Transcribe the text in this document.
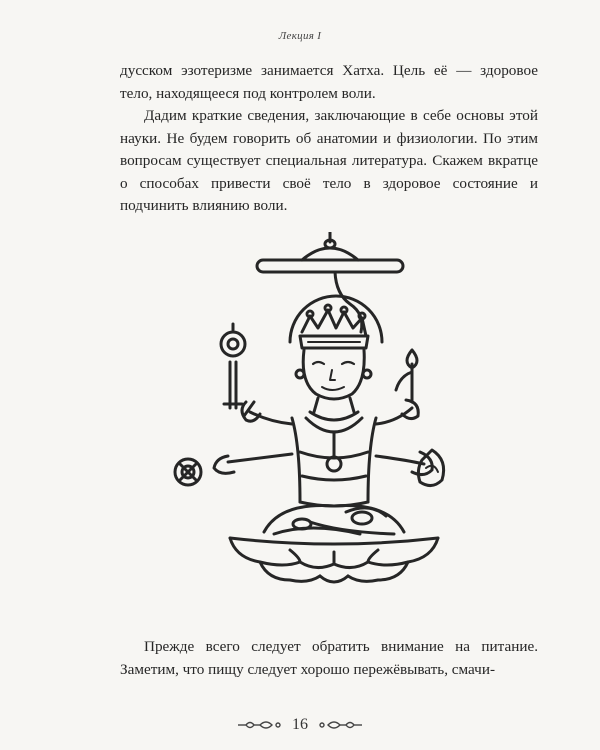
Лекция I

дусском эзотеризме занимается Хатха. Цель её — здоровое тело, находящееся под контролем воли.

Дадим краткие сведения, заключающие в себе основы этой науки. Не будем говорить об анатомии и физиологии. По этим вопросам существует специальная литература. Скажем вкратце о способах привести своё тело в здоровое состояние и подчинить влиянию воли.

Прежде всего следует обратить внимание на питание. Заметим, что пищу следует хорошо пережёвывать, смачи-

16
